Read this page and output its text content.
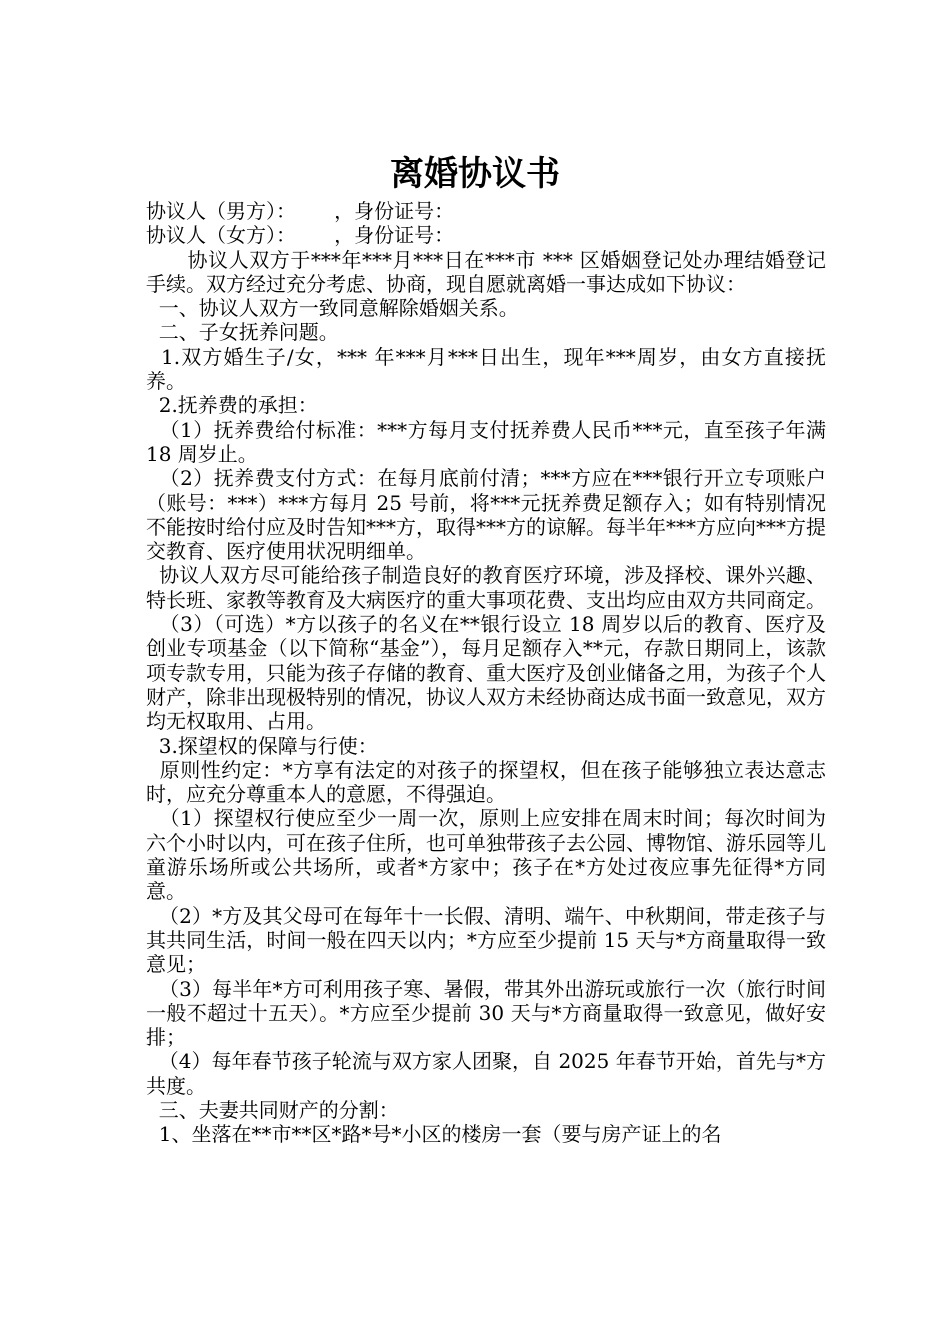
离婚协议书

协议人（男方）：      ，身份证号：

协议人（女方）：      ，身份证号：

协议人双方于***年***月***日在***市 *** 区婚姻登记处办理结婚登记手续。双方经过充分考虑、协商，现自愿就离婚一事达成如下协议：

一、协议人双方一致同意解除婚姻关系。

二、子女抚养问题。

1.双方婚生子/女，*** 年***月***日出生，现年***周岁，由女方直接抚养。

2.抚养费的承担：

（1）抚养费给付标准：***方每月支付抚养费人民币***元，直至孩子年满 18 周岁止。

（2）抚养费支付方式：在每月底前付清；***方应在***银行开立专项账户（账号：***）***方每月 25 号前，将***元抚养费足额存入；如有特别情况不能按时给付应及时告知***方，取得***方的谅解。每半年***方应向***方提交教育、医疗使用状况明细单。

协议人双方尽可能给孩子制造良好的教育医疗环境，涉及择校、课外兴趣、特长班、家教等教育及大病医疗的重大事项花费、支出均应由双方共同商定。

（3）（可选）*方以孩子的名义在**银行设立 18 周岁以后的教育、医疗及创业专项基金（以下简称“基金”），每月足额存入**元，存款日期同上，该款项专款专用，只能为孩子存储的教育、重大医疗及创业储备之用，为孩子个人财产，除非出现极特别的情况，协议人双方未经协商达成书面一致意见，双方均无权取用、占用。

3.探望权的保障与行使：

原则性约定：*方享有法定的对孩子的探望权，但在孩子能够独立表达意志时，应充分尊重本人的意愿，不得强迫。

（1）探望权行使应至少一周一次，原则上应安排在周末时间；每次时间为六个小时以内，可在孩子住所，也可单独带孩子去公园、博物馆、游乐园等儿童游乐场所或公共场所，或者*方家中；孩子在*方处过夜应事先征得*方同意。

（2）*方及其父母可在每年十一长假、清明、端午、中秋期间，带走孩子与其共同生活，时间一般在四天以内；*方应至少提前 15 天与*方商量取得一致意见；

（3）每半年*方可利用孩子寒、暑假，带其外出游玩或旅行一次（旅行时间一般不超过十五天）。*方应至少提前 30 天与*方商量取得一致意见，做好安排；

（4）每年春节孩子轮流与双方家人团聚，自 2025 年春节开始，首先与*方共度。

三、夫妻共同财产的分割：

1、坐落在**市**区*路*号*小区的楼房一套（要与房产证上的名
